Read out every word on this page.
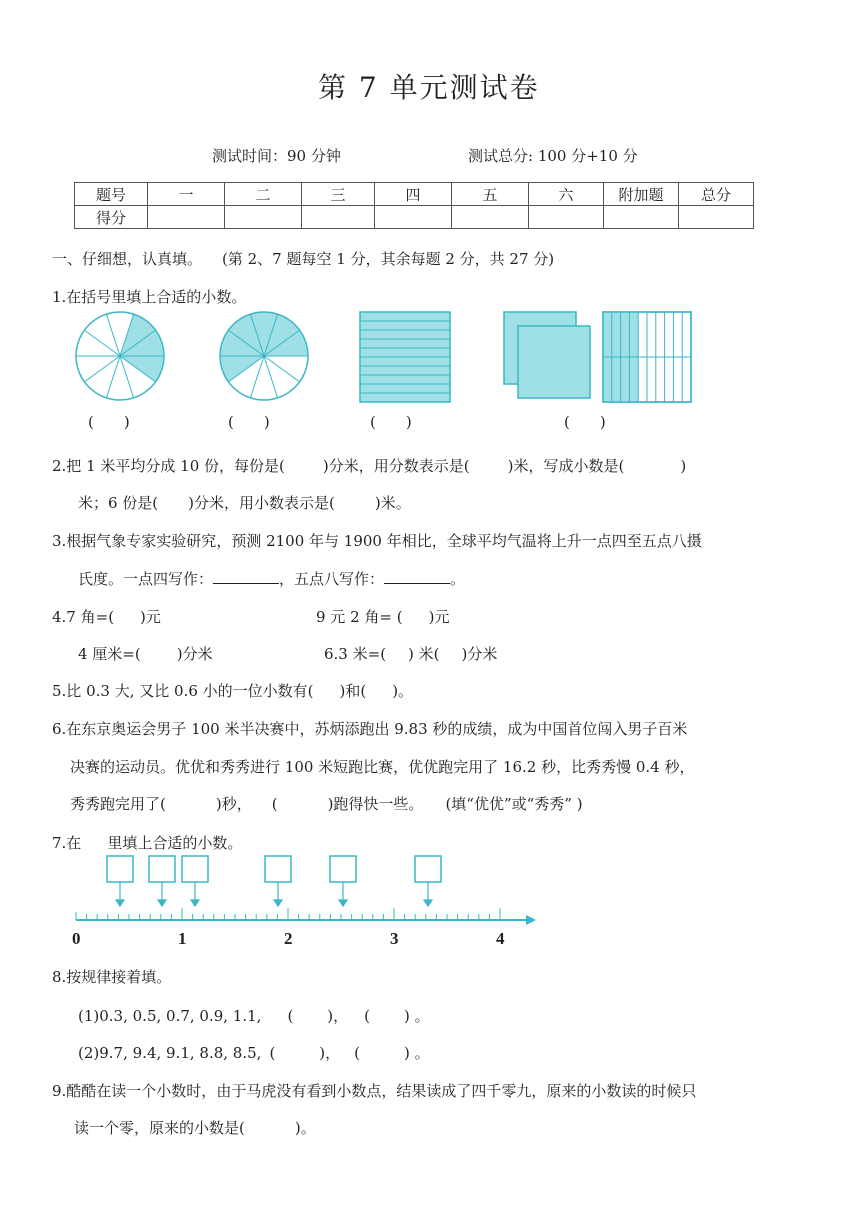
第 7 单元测试卷
测试时间：90 分钟	测试总分: 100 分+10 分
题号	一	二	三	四	五	六	附加题	总分
得分								
一、仔细想，认真填。 (第 2、7 题每空 1 分，其余每题 2 分，共 27 分)
1.在括号里填上合适的小数。
(　　)	(　　)	(　　)	(　　)
2.把 1 米平均分成 10 份，每份是(	)分米，用分数表示是(	)米，写成小数是(	)
米；6 份是( )分米，用小数表示是(	)米。
3.根据气象专家实验研究，预测 2100 年与 1900 年相比，全球平均气温将上升一点四至五点八摄
氏度。一点四写作：	，五点八写作：	。
4.7 角=( )元	9 元 2 角= ( )元
4 厘米=( )分米	6.3 米=( ) 米( )分米
5.比 0.3 大, 又比 0.6 小的一位小数有( )和( )。
6.在东京奥运会男子 100 米半决赛中，苏炳添跑出 9.83 秒的成绩，成为中国首位闯入男子百米
决赛的运动员。优优和秀秀进行 100 米短跑比赛，优优跑完用了 16.2 秒，比秀秀慢 0.4 秒，
秀秀跑完用了(	)秒， (	)跑得快一些。 (填“优优”或“秀秀” )
7.在 里填上合适的小数。
0	1	2	3	4
8.按规律接着填。
(1)0.3, 0.5, 0.7, 0.9, 1.1, ( )， ( ) 。
(2)9.7, 9.4, 9.1, 8.8, 8.5, (	)， (	) 。
9.酷酷在读一个小数时，由于马虎没有看到小数点，结果读成了四千零九，原来的小数读的时候只
读一个零，原来的小数是(	)。
